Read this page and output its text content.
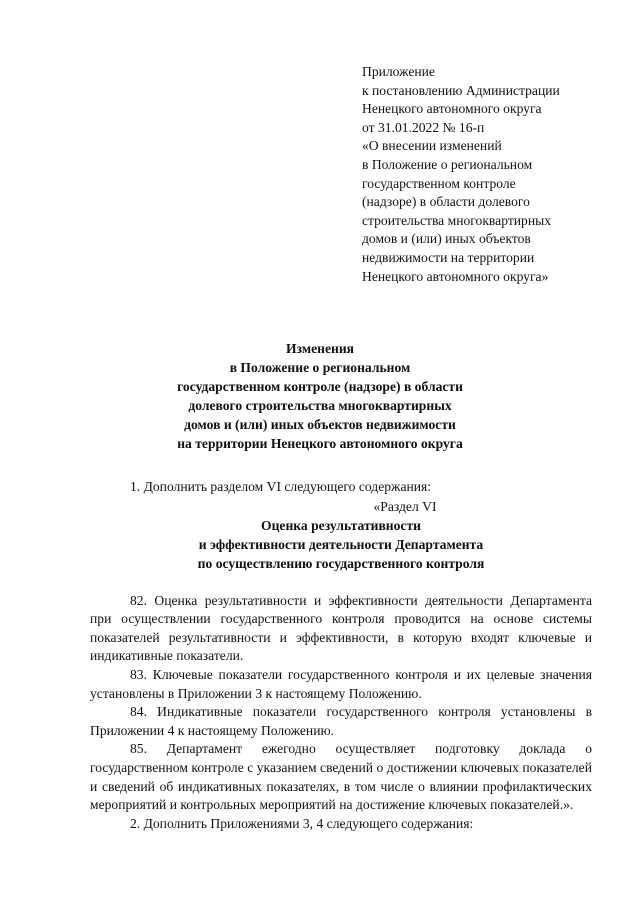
Приложение
к постановлению Администрации
Ненецкого автономного округа
от 31.01.2022 № 16-п
«О внесении изменений
в Положение о региональном
государственном контроле
(надзоре) в области долевого
строительства многоквартирных
домов и (или) иных объектов
недвижимости на территории
Ненецкого автономного округа»
Изменения
в Положение о региональном
государственном контроле (надзоре) в области
долевого строительства многоквартирных
домов и (или) иных объектов недвижимости
на территории Ненецкого автономного округа
1. Дополнить разделом VI следующего содержания:
«Раздел VI
Оценка результативности
и эффективности деятельности Департамента
по осуществлению государственного контроля
82. Оценка результативности и эффективности деятельности Департамента при осуществлении государственного контроля проводится на основе системы показателей результативности и эффективности, в которую входят ключевые и индикативные показатели.
83. Ключевые показатели государственного контроля и их целевые значения установлены в Приложении 3 к настоящему Положению.
84. Индикативные показатели государственного контроля установлены в Приложении 4 к настоящему Положению.
85. Департамент ежегодно осуществляет подготовку доклада о государственном контроле с указанием сведений о достижении ключевых показателей и сведений об индикативных показателях, в том числе о влиянии профилактических мероприятий и контрольных мероприятий на достижение ключевых показателей.».
2. Дополнить Приложениями 3, 4 следующего содержания:
